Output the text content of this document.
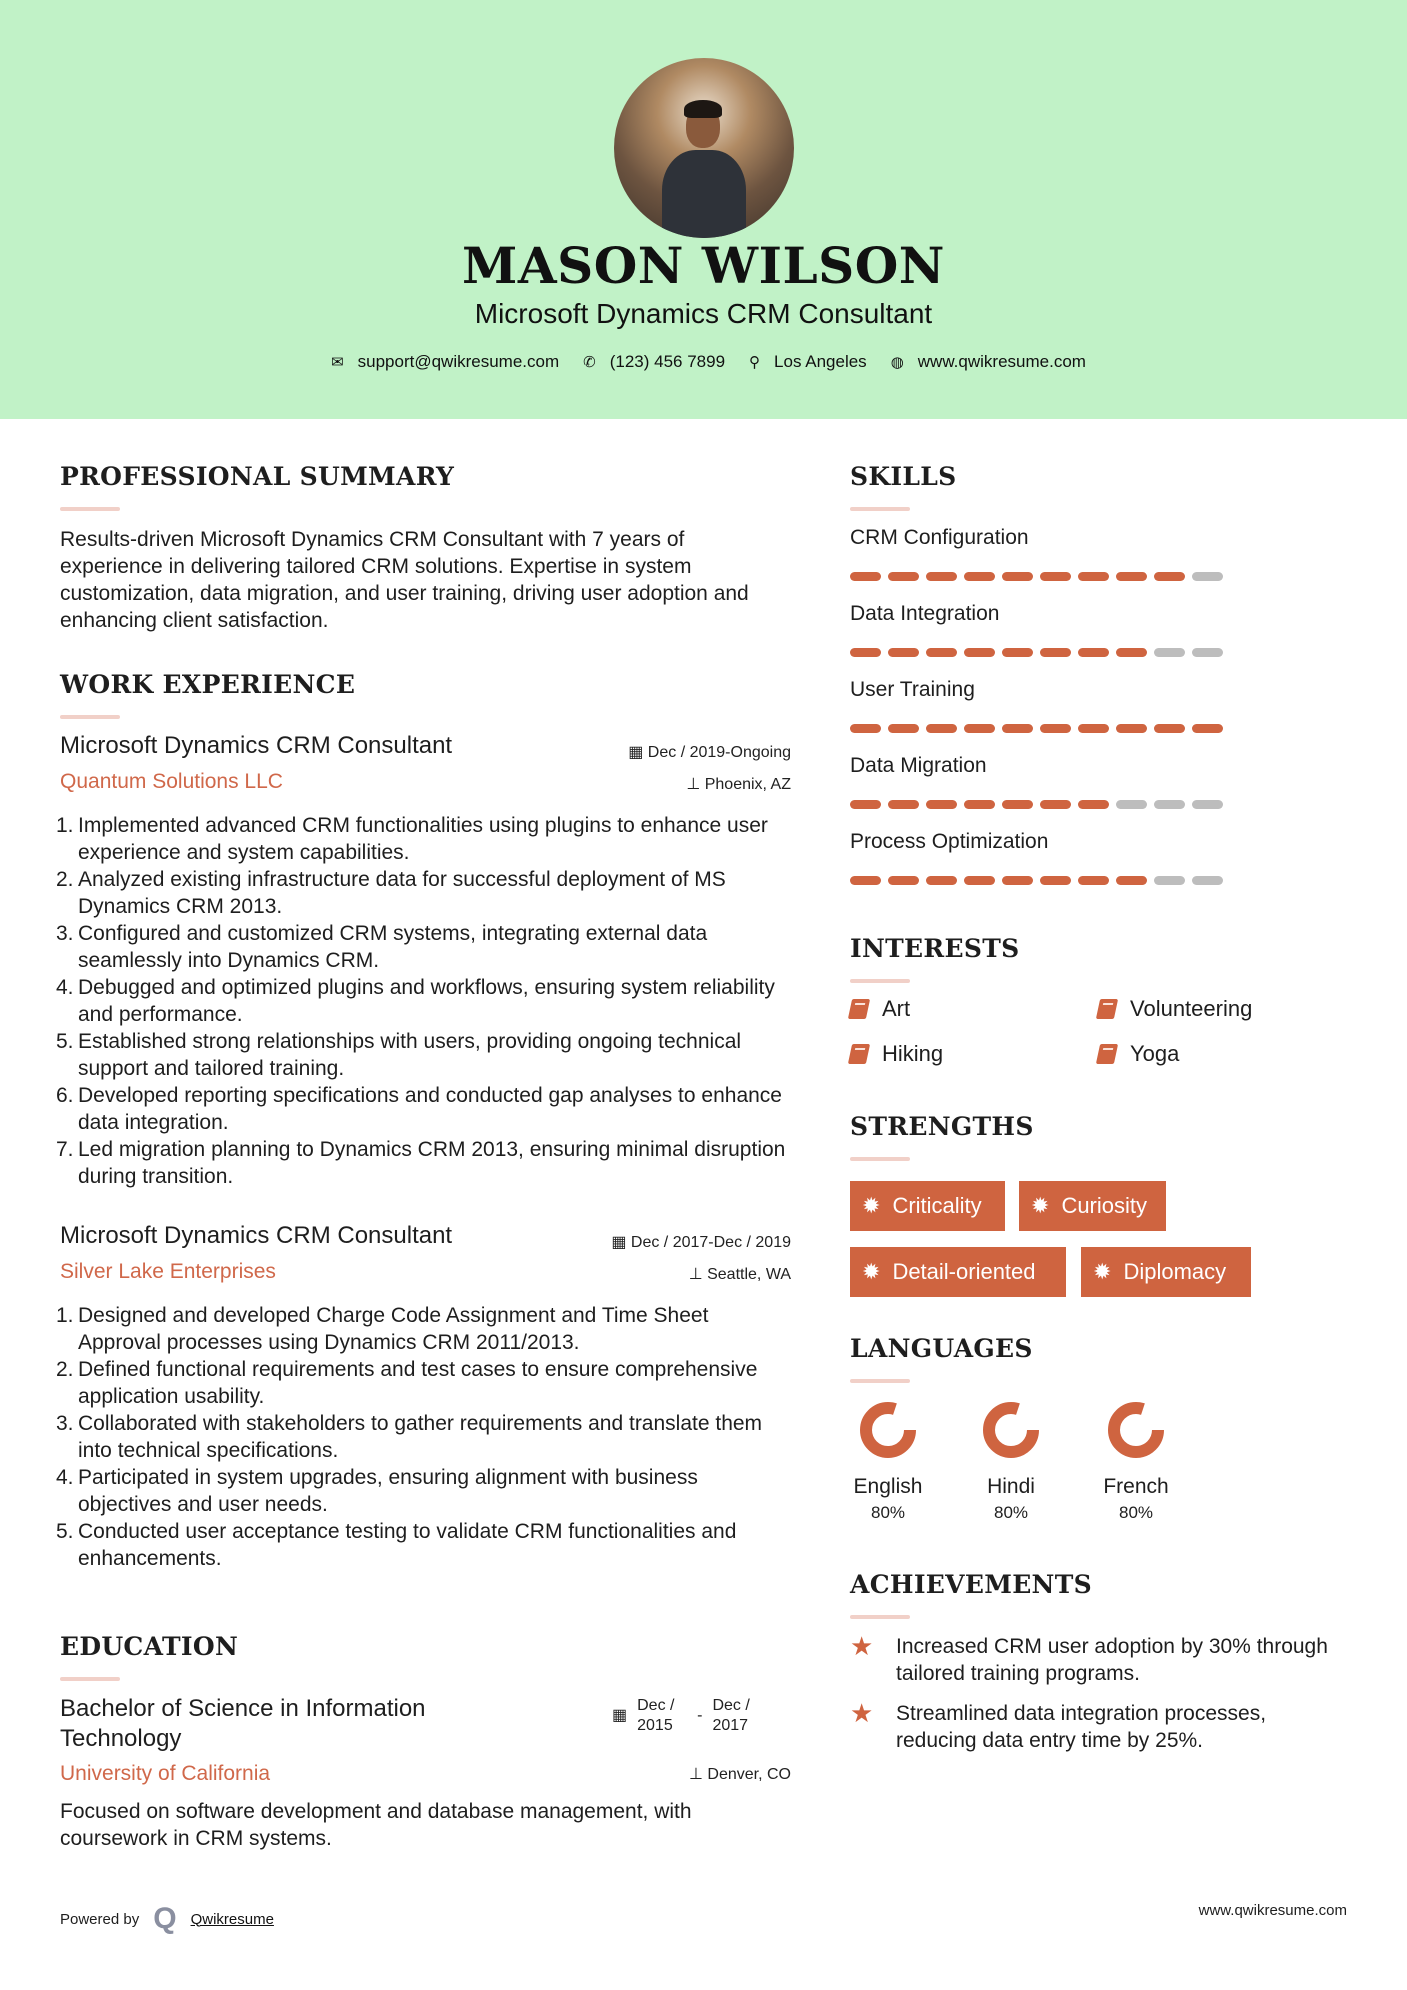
MASON WILSON
Microsoft Dynamics CRM Consultant
✉ support@qwikresume.com ✆ (123) 456 7899 ⚲ Los Angeles ◍ www.qwikresume.com
PROFESSIONAL SUMMARY
Results-driven Microsoft Dynamics CRM Consultant with 7 years of experience in delivering tailored CRM solutions. Expertise in system customization, data migration, and user training, driving user adoption and enhancing client satisfaction.
WORK EXPERIENCE
Microsoft Dynamics CRM Consultant	▦ Dec / 2019-Ongoing
Quantum Solutions LLC	⊥ Phoenix, AZ
1. Implemented advanced CRM functionalities using plugins to enhance user experience and system capabilities.
2. Analyzed existing infrastructure data for successful deployment of MS Dynamics CRM 2013.
3. Configured and customized CRM systems, integrating external data seamlessly into Dynamics CRM.
4. Debugged and optimized plugins and workflows, ensuring system reliability and performance.
5. Established strong relationships with users, providing ongoing technical support and tailored training.
6. Developed reporting specifications and conducted gap analyses to enhance data integration.
7. Led migration planning to Dynamics CRM 2013, ensuring minimal disruption during transition.
Microsoft Dynamics CRM Consultant	▦ Dec / 2017-Dec / 2019
Silver Lake Enterprises	⊥ Seattle, WA
1. Designed and developed Charge Code Assignment and Time Sheet Approval processes using Dynamics CRM 2011/2013.
2. Defined functional requirements and test cases to ensure comprehensive application usability.
3. Collaborated with stakeholders to gather requirements and translate them into technical specifications.
4. Participated in system upgrades, ensuring alignment with business objectives and user needs.
5. Conducted user acceptance testing to validate CRM functionalities and enhancements.
EDUCATION
Bachelor of Science in Information Technology
▦
Dec / 2015
-
Dec / 2017
University of California	⊥ Denver, CO
Focused on software development and database management, with coursework in CRM systems.
SKILLS
CRM Configuration
Data Integration
User Training
Data Migration
Process Optimization
INTERESTS
Art	Volunteering
Hiking	Yoga
STRENGTHS
✹ Criticality ✹ Curiosity
✹ Detail-oriented	✹ Diplomacy
LANGUAGES
English
80%
Hindi
80%
French
80%
ACHIEVEMENTS
★	Increased CRM user adoption by 30% through tailored training programs.
★	Streamlined data integration processes, reducing data entry time by 25%.
Powered by Q Qwikresume	www.qwikresume.com
